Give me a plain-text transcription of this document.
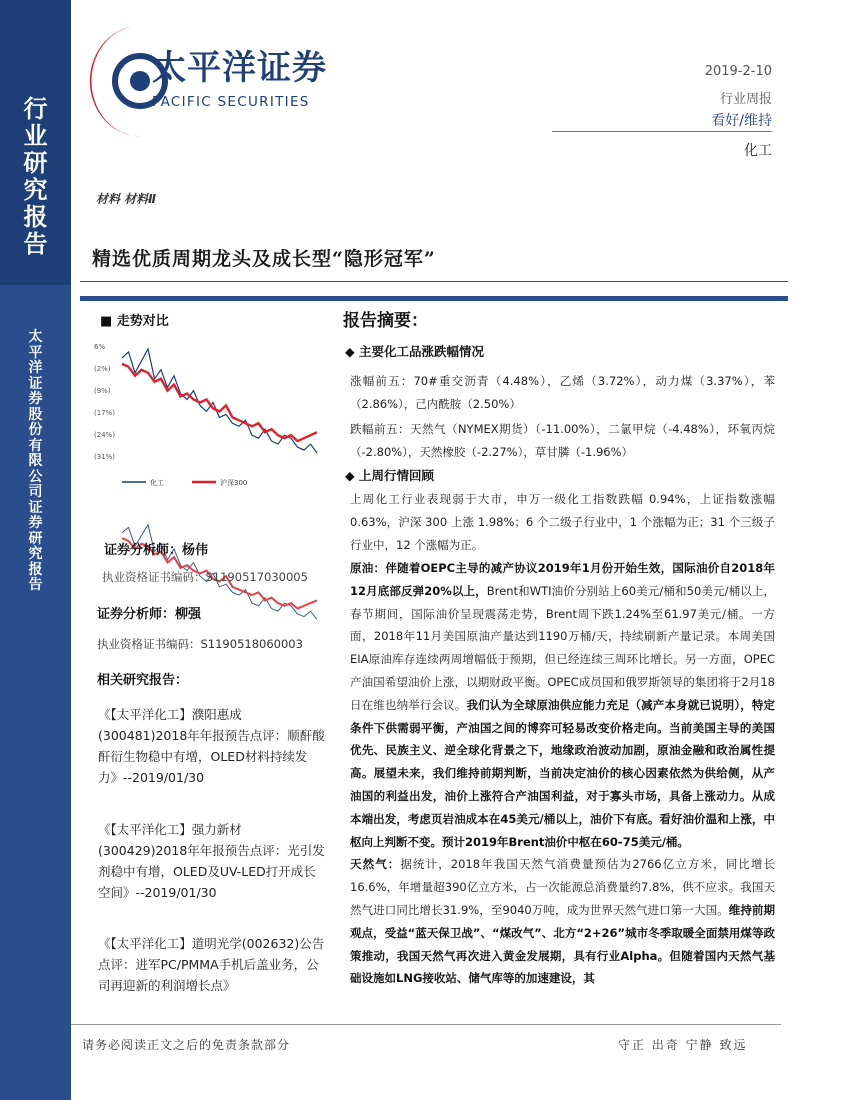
行
业
研
究
报
告
太
平
洋
证
券
股
份
有
限
公
司
证
券
研
究
报
告
太平洋证券
PACIFIC SECURITIES
2019-2-10
行业周报
看好/维持
化工
材料 材料Ⅱ
精选优质周期龙头及成长型“隐形冠军”
■ 走势对比
6%
(2%)
(9%)
(17%)
(24%)
(31%)
化工	沪深300
证券分析师：杨伟
执业资格证书编码：S1190517030005
证券分析师：柳强
执业资格证书编码：S1190518060003
相关研究报告：
《【太平洋化工】濮阳惠成(300481)2018年年报预告点评：顺酐酸酐衍生物稳中有增，OLED材料持续发力》--2019/01/30
《【太平洋化工】强力新材(300429)2018年年报预告点评：光引发剂稳中有增，OLED及UV-LED打开成长空间》--2019/01/30
《【太平洋化工】道明光学(002632)公告点评：进军PC/PMMA手机后盖业务，公司再迎新的利润增长点》
报告摘要：
◆ 主要化工品涨跌幅情况
涨幅前五：70#重交沥青（4.48%），乙烯（3.72%），动力煤（3.37%），苯（2.86%），己内酰胺（2.50%）
跌幅前五：天然气（NYMEX期货）（-11.00%），二氯甲烷（-4.48%），环氧丙烷（-2.80%），天然橡胶（-2.27%），草甘膦（-1.96%）
◆ 上周行情回顾
上周化工行业表现弱于大市，申万一级化工指数跌幅 0.94%，上证指数涨幅 0.63%，沪深 300 上涨 1.98%；6 个二级子行业中，1 个涨幅为正；31 个三级子行业中，12 个涨幅为正。
原油：伴随着OEPC主导的减产协议2019年1月份开始生效，国际油价自2018年12月底部反弹20%以上，Brent和WTI油价分别站上60美元/桶和50美元/桶以上，春节期间，国际油价呈现震荡走势，Brent周下跌1.24%至61.97美元/桶。一方面，2018年11月美国原油产量达到1190万桶/天，持续刷新产量记录。本周美国EIA原油库存连续两周增幅低于预期，但已经连续三周环比增长。另一方面，OPEC产油国希望油价上涨，以期财政平衡。OPEC成员国和俄罗斯领导的集团将于2月18日在维也纳举行会议。我们认为全球原油供应能力充足（减产本身就已说明），特定条件下供需弱平衡，产油国之间的博弈可轻易改变价格走向。当前美国主导的美国优先、民族主义、逆全球化背景之下，地缘政治波动加剧，原油金融和政治属性提高。展望未来，我们维持前期判断，当前决定油价的核心因素依然为供给侧，从产油国的利益出发，油价上涨符合产油国利益，对于寡头市场，具备上涨动力。从成本端出发，考虑页岩油成本在45美元/桶以上，油价下有底。看好油价温和上涨，中枢向上判断不变。预计2019年Brent油价中枢在60-75美元/桶。
天然气：据统计，2018年我国天然气消费量预估为2766亿立方米，同比增长16.6%，年增量超390亿立方米，占一次能源总消费量约7.8%，供不应求。我国天然气进口同比增长31.9%，至9040万吨，成为世界天然气进口第一大国。维持前期观点，受益“蓝天保卫战”、“煤改气”、北方“2+26”城市冬季取暖全面禁用煤等政策推动，我国天然气再次进入黄金发展期，具有行业Alpha。但随着国内天然气基础设施如LNG接收站、储气库等的加速建设，其
请务必阅读正文之后的免责条款部分	守正 出奇 宁静 致远
